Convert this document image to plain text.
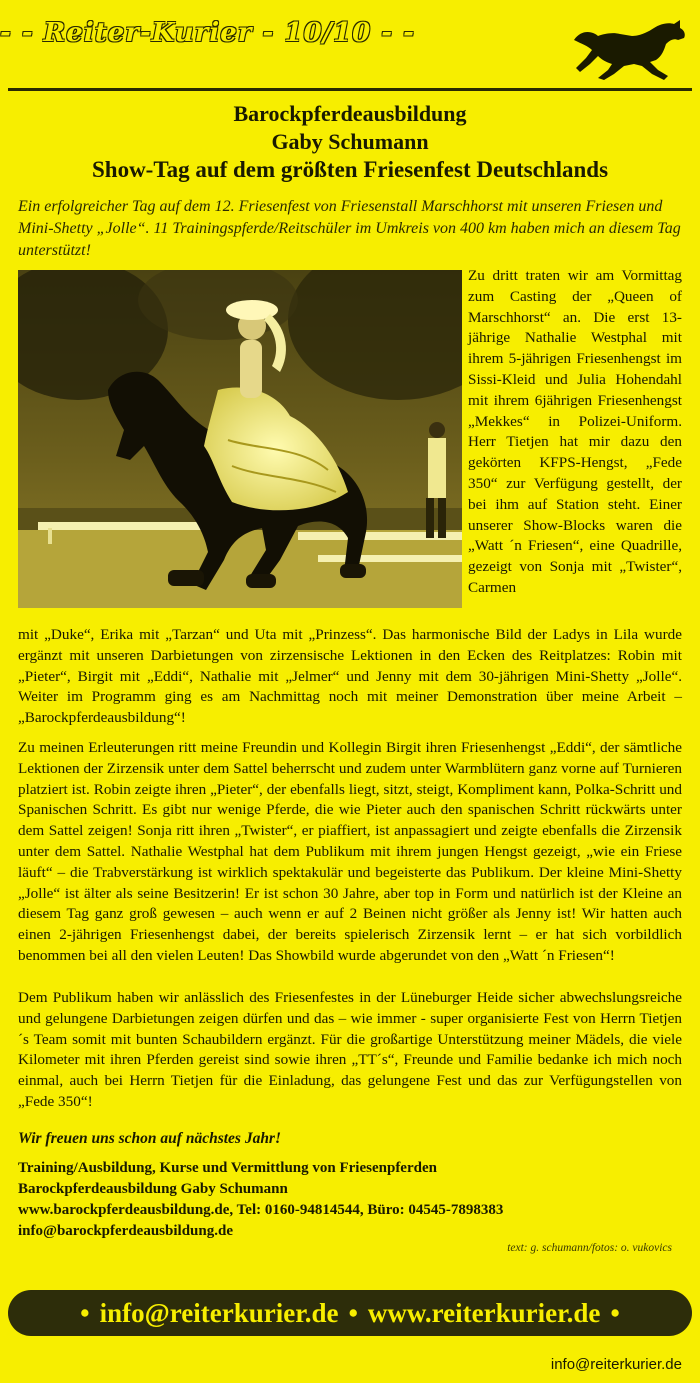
- - Reiter-Kurier - 10/10 - -
Barockpferdeausbildung
Gaby Schumann
Show-Tag auf dem größten Friesenfest Deutschlands
Ein erfolgreicher Tag auf dem 12. Friesenfest von Friesenstall Marschhorst mit unseren Friesen und Mini-Shetty „Jolle“. 11 Trainingspferde/Reitschüler im Umkreis von 400 km haben mich an diesem Tag unterstützt!
Zu dritt traten wir am Vormittag zum Casting der „Queen of Marschhorst“ an. Die erst 13-jährige Nathalie Westphal mit ihrem 5-jährigen Friesenhengst im Sissi-Kleid und Julia Hohendahl mit ihrem 6jährigen Friesenhengst „Mekkes“ in Polizei-Uniform. Herr Tietjen hat mir dazu den gekörten KFPS-Hengst, „Fede 350“ zur Verfügung gestellt, der bei ihm auf Station steht. Einer unserer Show-Blocks waren die „Watt ´n Friesen“, eine Quadrille, gezeigt von Sonja mit „Twister“, Carmen
mit „Duke“, Erika mit „Tarzan“ und Uta mit „Prinzess“. Das harmonische Bild der Ladys in Lila wurde ergänzt mit unseren Darbietungen von zirzensische Lektionen in den Ecken des Reitplatzes: Robin mit „Pieter“, Birgit mit „Eddi“, Nathalie mit „Jelmer“ und Jenny mit dem 30-jährigen Mini-Shetty „Jolle“. Weiter im Programm ging es am Nachmittag noch mit meiner Demonstration über meine Arbeit – „Barockpferdeausbildung“!
Zu meinen Erleuterungen ritt meine Freundin und Kollegin Birgit ihren Friesenhengst „Eddi“, der sämtliche Lektionen der Zirzensik unter dem Sattel beherrscht und zudem unter Warmblütern ganz vorne auf Turnieren platziert ist. Robin zeigte ihren „Pieter“, der ebenfalls liegt, sitzt, steigt, Kompliment kann, Polka-Schritt und Spanischen Schritt. Es gibt nur wenige Pferde, die wie Pieter auch den spanischen Schritt rückwärts unter dem Sattel zeigen! Sonja ritt ihren „Twister“, er piaffiert, ist anpassagiert und zeigte ebenfalls die Zirzensik unter dem Sattel. Nathalie Westphal hat dem Publikum mit ihrem jungen Hengst gezeigt, „wie ein Friese läuft“ – die Trabverstärkung ist wirklich spektakulär und begeisterte das Publikum. Der kleine Mini-Shetty „Jolle“ ist älter als seine Besitzerin! Er ist schon 30 Jahre, aber top in Form und natürlich ist der Kleine an diesem Tag ganz groß gewesen – auch wenn er auf 2 Beinen nicht größer als Jenny ist! Wir hatten auch einen 2-jährigen Friesenhengst dabei, der bereits spielerisch Zirzensik lernt – er hat sich vorbildlich benommen bei all den vielen Leuten! Das Showbild wurde abgerundet von den „Watt ´n Friesen“!
Dem Publikum haben wir anlässlich des Friesenfestes in der Lüneburger Heide sicher abwechslungsreiche und gelungene Darbietungen zeigen dürfen und das – wie immer - super organisierte Fest von Herrn Tietjen´s Team somit mit bunten Schaubildern ergänzt. Für die großartige Unterstützung meiner Mädels, die viele Kilometer mit ihren Pferden gereist sind sowie ihren „TT´s“, Freunde und Familie bedanke ich mich noch einmal, auch bei Herrn Tietjen für die Einladung, das gelungene Fest und das zur Verfügungstellen von „Fede 350“!
Wir freuen uns schon auf nächstes Jahr!
Training/Ausbildung, Kurse und Vermittlung von Friesenpferden
Barockpferdeausbildung Gaby Schumann
www.barockpferdeausbildung.de, Tel: 0160-94814544, Büro: 04545-7898383
info@barockpferdeausbildung.de
text: g. schumann/fotos: o. vukovics
• info@reiterkurier.de • www.reiterkurier.de •
info@reiterkurier.de
